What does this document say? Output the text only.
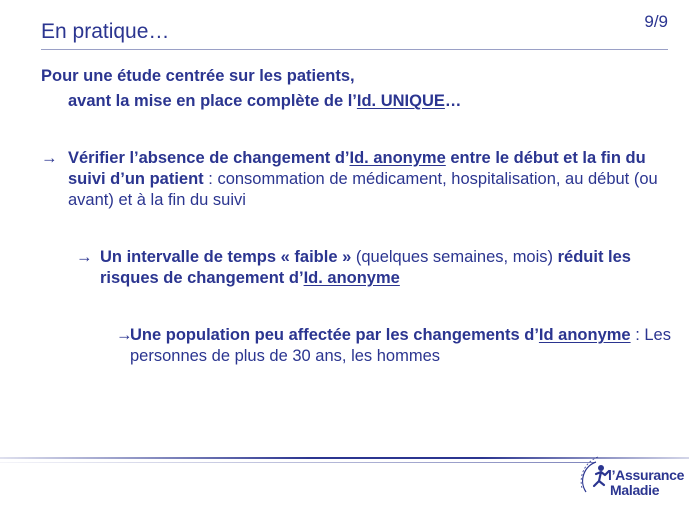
En pratique…	9/9
Pour une étude centrée sur les patients,
avant la mise en place complète de l’Id. UNIQUE…
→ Vérifier l’absence de changement d’Id. anonyme entre le début et la fin du suivi d’un patient : consommation de médicament, hospitalisation, au début (ou avant) et à la fin du suivi
→ Un intervalle de temps « faible » (quelques semaines, mois) réduit les risques de changement d’Id. anonyme
→
Une population peu affectée par les changements d’Id anonyme : Les personnes de plus de 30 ans, les hommes
l’Assurance
Maladie
